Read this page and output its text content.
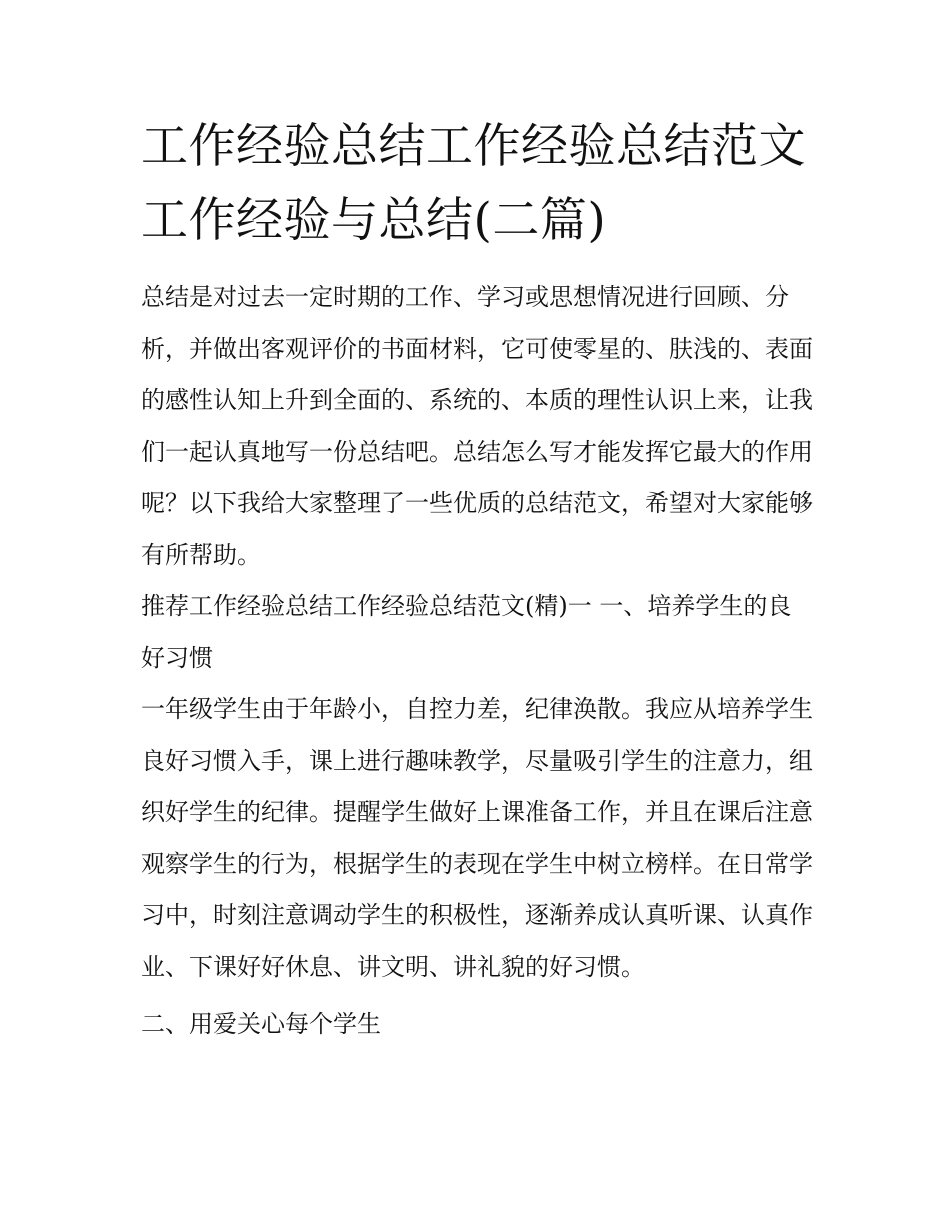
工作经验总结工作经验总结范文 工作经验与总结(二篇)

总结是对过去一定时期的工作、学习或思想情况进行回顾、分析，并做出客观评价的书面材料，它可使零星的、肤浅的、表面的感性认知上升到全面的、系统的、本质的理性认识上来，让我们一起认真地写一份总结吧。总结怎么写才能发挥它最大的作用呢？以下我给大家整理了一些优质的总结范文，希望对大家能够有所帮助。

推荐工作经验总结工作经验总结范文(精)一 一、培养学生的良好习惯

一年级学生由于年龄小，自控力差，纪律涣散。我应从培养学生良好习惯入手，课上进行趣味教学，尽量吸引学生的注意力，组织好学生的纪律。提醒学生做好上课准备工作，并且在课后注意观察学生的行为，根据学生的表现在学生中树立榜样。在日常学习中，时刻注意调动学生的积极性，逐渐养成认真听课、认真作业、下课好好休息、讲文明、讲礼貌的好习惯。

二、用爱关心每个学生
